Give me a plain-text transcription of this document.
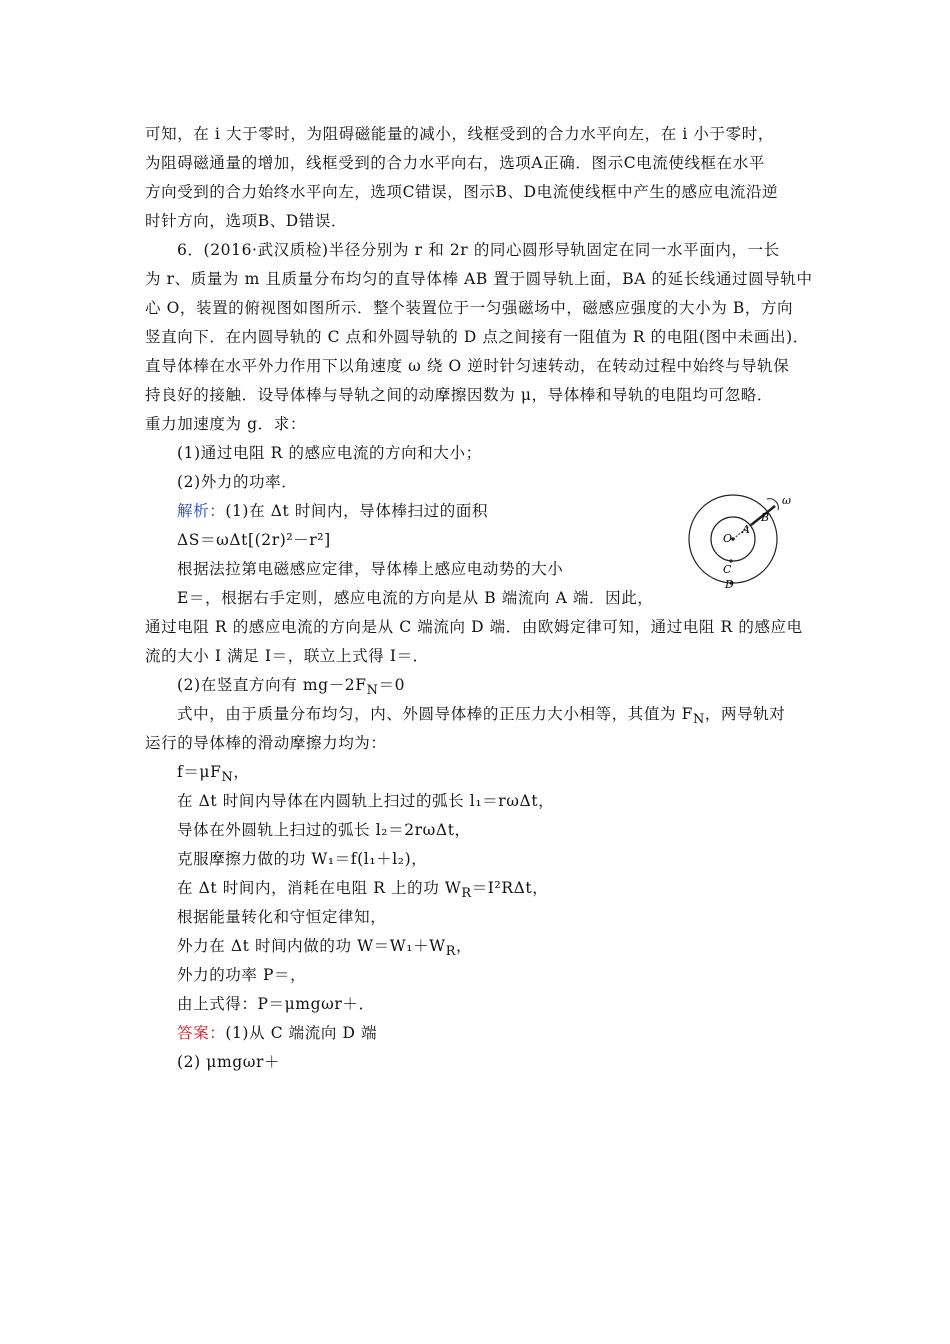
可知，在 i 大于零时，为阻碍磁能量的减小，线框受到的合力水平向左，在 i 小于零时，
为阻碍磁通量的增加，线框受到的合力水平向右，选项A正确．图示C电流使线框在水平
方向受到的合力始终水平向左，选项C错误，图示B、D电流使线框中产生的感应电流沿逆
时针方向，选项B、D错误．
6．(2016·武汉质检)半径分别为 r 和 2r 的同心圆形导轨固定在同一水平面内，一长
为 r、质量为 m 且质量分布均匀的直导体棒 AB 置于圆导轨上面，BA 的延长线通过圆导轨中
心 O，装置的俯视图如图所示．整个装置位于一匀强磁场中，磁感应强度的大小为 B，方向
竖直向下．在内圆导轨的 C 点和外圆导轨的 D 点之间接有一阻值为 R 的电阻(图中未画出)．
直导体棒在水平外力作用下以角速度 ω 绕 O 逆时针匀速转动，在转动过程中始终与导轨保
持良好的接触．设导体棒与导轨之间的动摩擦因数为 μ，导体棒和导轨的电阻均可忽略．
重力加速度为 g．求：
(1)通过电阻 R 的感应电流的方向和大小；
(2)外力的功率．
解析：(1)在 Δt 时间内，导体棒扫过的面积
ΔS＝ωΔt[(2r)²－r²]
根据法拉第电磁感应定律，导体棒上感应电动势的大小
E＝，根据右手定则，感应电流的方向是从 B 端流向 A 端．因此，
通过电阻 R 的感应电流的方向是从 C 端流向 D 端．由欧姆定律可知，通过电阻 R 的感应电
流的大小 I 满足 I＝，联立上式得 I＝．
(2)在竖直方向有 $mg-2F_N=0$
式中，由于质量分布均匀，内、外圆导体棒的正压力大小相等，其值为 $F_N$，两导轨对
运行的导体棒的滑动摩擦力均为：
$f=\mu F_N$，
在 Δt 时间内导体在内圆轨上扫过的弧长 l₁＝rωΔt，
导体在外圆轨上扫过的弧长 l₂＝2rωΔt，
克服摩擦力做的功 W₁＝f(l₁＋l₂)，
在 Δt 时间内，消耗在电阻 R 上的功 $W_R=I^2R\Delta t$，
根据能量转化和守恒定律知，
外力在 Δt 时间内做的功 $W=W_1+W_R$，
外力的功率 P＝，
由上式得：P＝μmgωr＋．
答案：(1)从 C 端流向 D 端
(2) μmgωr＋
ω
B
A
O
C
D
